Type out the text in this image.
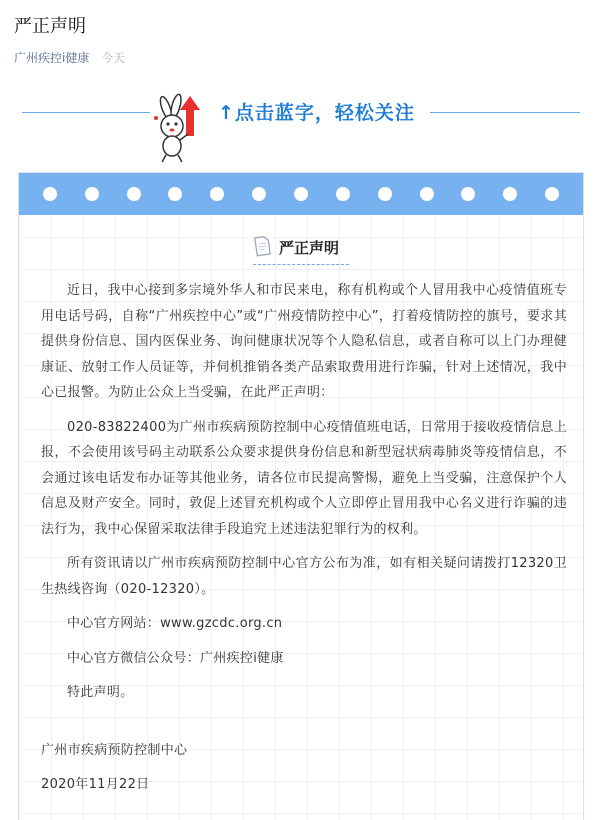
严正声明
广州疾控i健康 今天
↑点击蓝字，轻松关注
严正声明

近日，我中心接到多宗境外华人和市民来电，称有机构或个人冒用我中心疫情值班专用电话号码，自称“广州疾控中心”或“广州疫情防控中心”，打着疫情防控的旗号，要求其提供身份信息、国内医保业务、询问健康状况等个人隐私信息，或者自称可以上门办理健康证、放射工作人员证等，并伺机推销各类产品索取费用进行诈骗，针对上述情况，我中心已报警。为防止公众上当受骗，在此严正声明：

020-83822400为广州市疾病预防控制中心疫情值班电话，日常用于接收疫情信息上报，不会使用该号码主动联系公众要求提供身份信息和新型冠状病毒肺炎等疫情信息，不会通过该电话发布办证等其他业务，请各位市民提高警惕，避免上当受骗，注意保护个人信息及财产安全。同时，敦促上述冒充机构或个人立即停止冒用我中心名义进行诈骗的违法行为，我中心保留采取法律手段追究上述违法犯罪行为的权利。

所有资讯请以广州市疾病预防控制中心官方公布为准，如有相关疑问请拨打12320卫生热线咨询（020-12320）。

中心官方网站：www.gzcdc.org.cn

中心官方微信公众号：广州疾控i健康

特此声明。

广州市疾病预防控制中心

2020年11月22日
